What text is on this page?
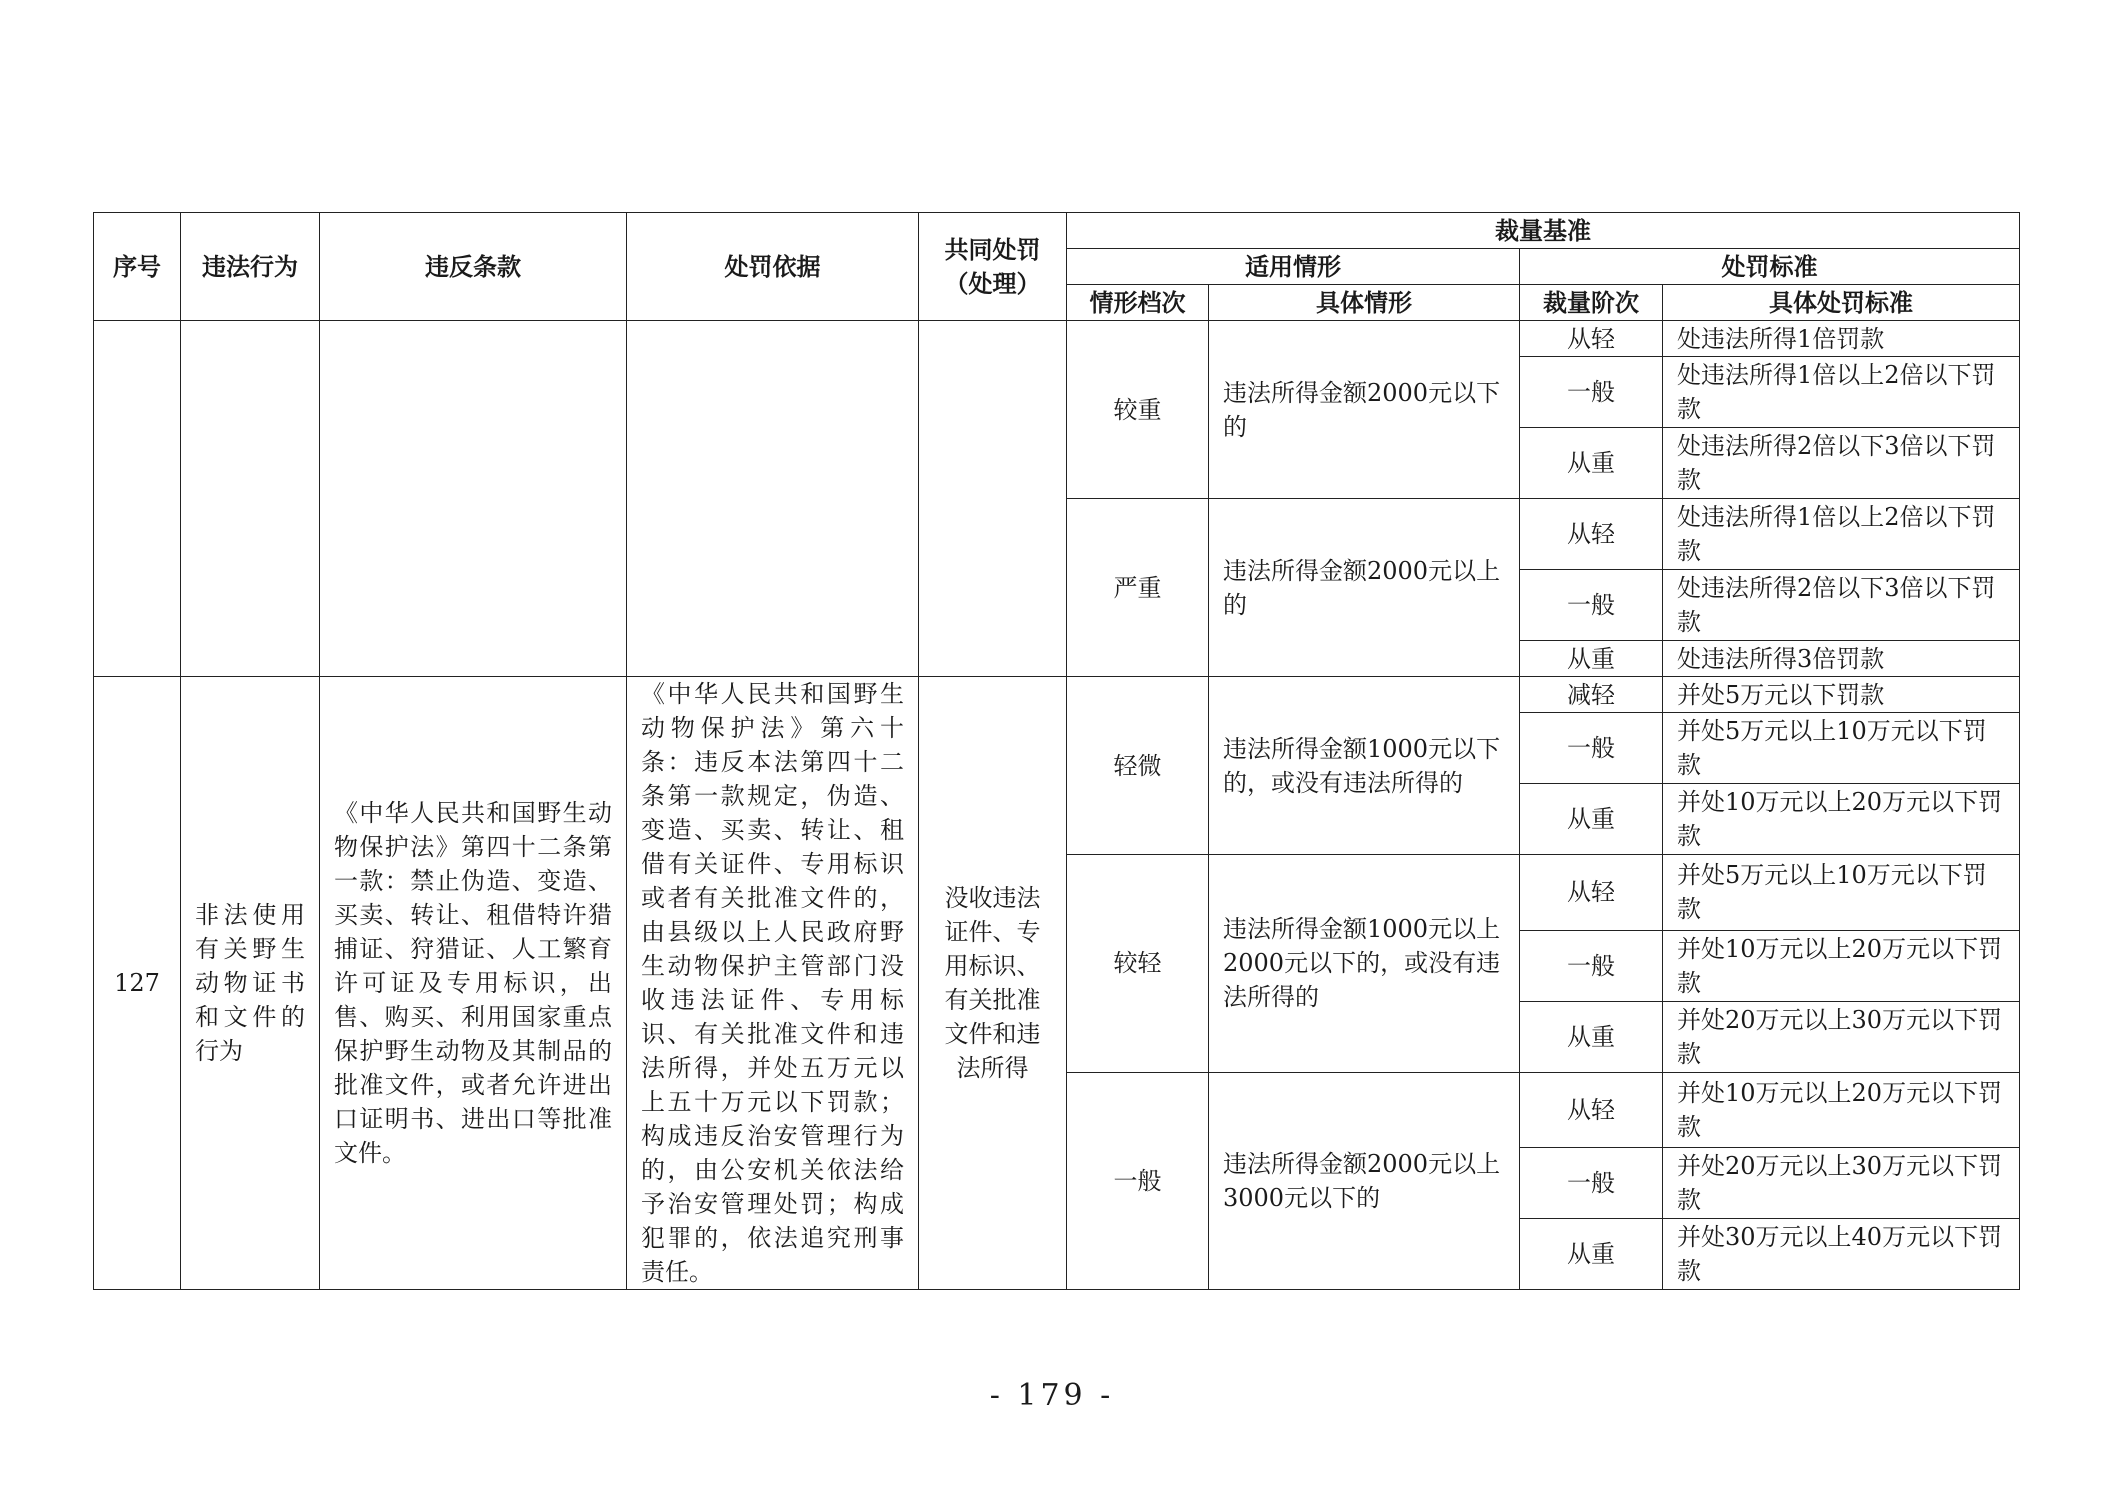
序号	违法行为	违反条款	处罚依据	共同处罚（处理）	裁量基准			
					适用情形		处罚标准	
					情形档次	具体情形	裁量阶次	具体处罚标准
					较重	违法所得金额2000元以下的	从轻	处违法所得1倍罚款
							一般	处违法所得1倍以上2倍以下罚款
							从重	处违法所得2倍以下3倍以下罚款
					严重	违法所得金额2000元以上的	从轻	处违法所得1倍以上2倍以下罚款
							一般	处违法所得2倍以下3倍以下罚款
							从重	处违法所得3倍罚款

127	非法使用有关野生动物证书和文件的行为	《中华人民共和国野生动物保护法》第四十二条第一款：禁止伪造、变造、买卖、转让、租借特许猎捕证、狩猎证、人工繁育许可证及专用标识，出售、购买、利用国家重点保护野生动物及其制品的批准文件，或者允许进出口证明书、进出口等批准文件。	《中华人民共和国野生动物保护法》第六十条：违反本法第四十二条第一款规定，伪造、变造、买卖、转让、租借有关证件、专用标识或者有关批准文件的，由县级以上人民政府野生动物保护主管部门没收违法证件、专用标识、有关批准文件和违法所得，并处五万元以上五十万元以下罚款；构成违反治安管理行为的，由公安机关依法给予治安管理处罚；构成犯罪的，依法追究刑事责任。	没收违法证件、专用标识、有关批准文件和违法所得	轻微	违法所得金额1000元以下的，或没有违法所得的	减轻	并处5万元以下罚款
							一般	并处5万元以上10万元以下罚款
							从重	并处10万元以上20万元以下罚款
					较轻	违法所得金额1000元以上2000元以下的，或没有违法所得的	从轻	并处5万元以上10万元以下罚款
							一般	并处10万元以上20万元以下罚款
							从重	并处20万元以上30万元以下罚款
					一般	违法所得金额2000元以上3000元以下的	从轻	并处10万元以上20万元以下罚款
							一般	并处20万元以上30万元以下罚款
							从重	并处30万元以上40万元以下罚款
- 179 -
